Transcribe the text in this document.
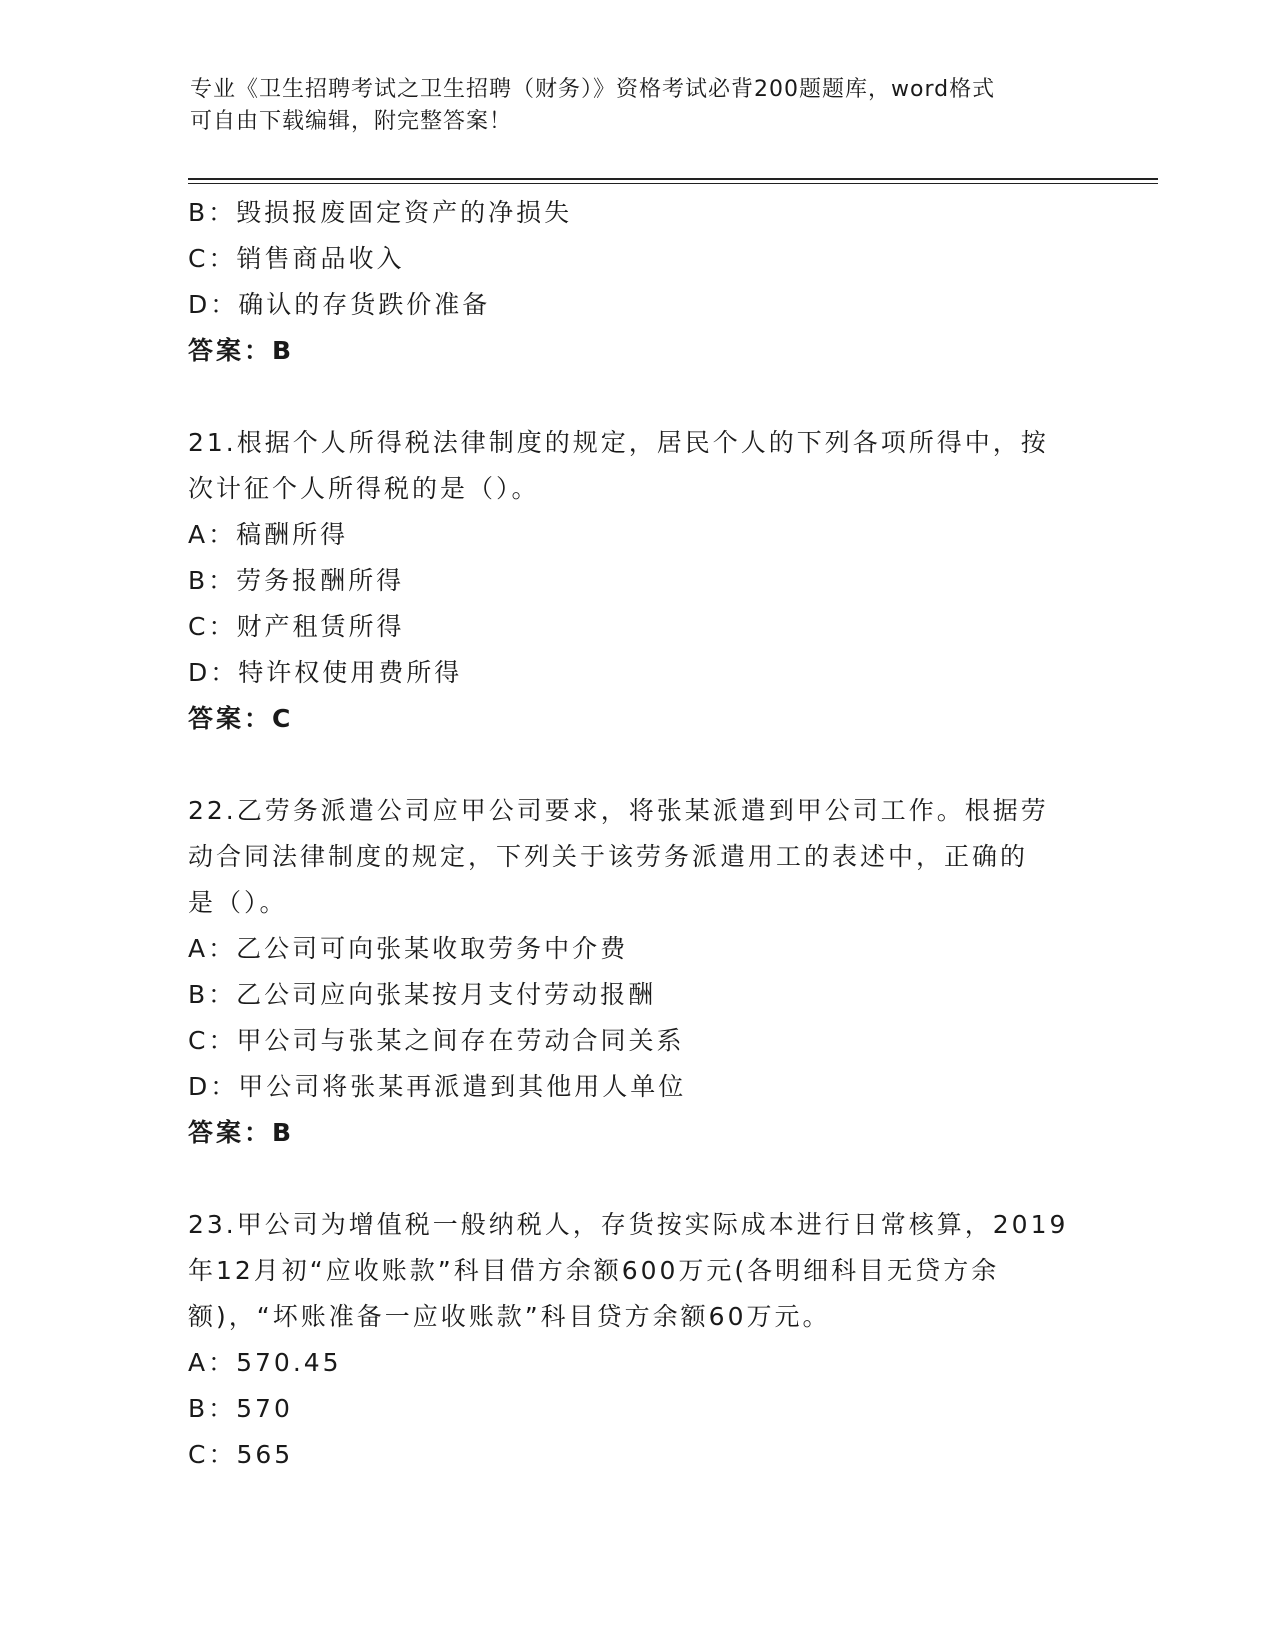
专业《卫生招聘考试之卫生招聘（财务）》资格考试必背200题题库，word格式
可自由下载编辑，附完整答案！
B：毁损报废固定资产的净损失
C：销售商品收入
D：确认的存货跌价准备
答案：B
21.根据个人所得税法律制度的规定，居民个人的下列各项所得中，按
次计征个人所得税的是（）。
A：稿酬所得
B：劳务报酬所得
C：财产租赁所得
D：特许权使用费所得
答案：C
22.乙劳务派遣公司应甲公司要求，将张某派遣到甲公司工作。根据劳
动合同法律制度的规定，下列关于该劳务派遣用工的表述中，正确的
是（）。
A：乙公司可向张某收取劳务中介费
B：乙公司应向张某按月支付劳动报酬
C：甲公司与张某之间存在劳动合同关系
D：甲公司将张某再派遣到其他用人单位
答案：B
23.甲公司为增值税一般纳税人，存货按实际成本进行日常核算，2019
年12月初“应收账款”科目借方余额600万元(各明细科目无贷方余
额)，“坏账准备一应收账款”科目贷方余额60万元。
A：570.45
B：570
C：565
